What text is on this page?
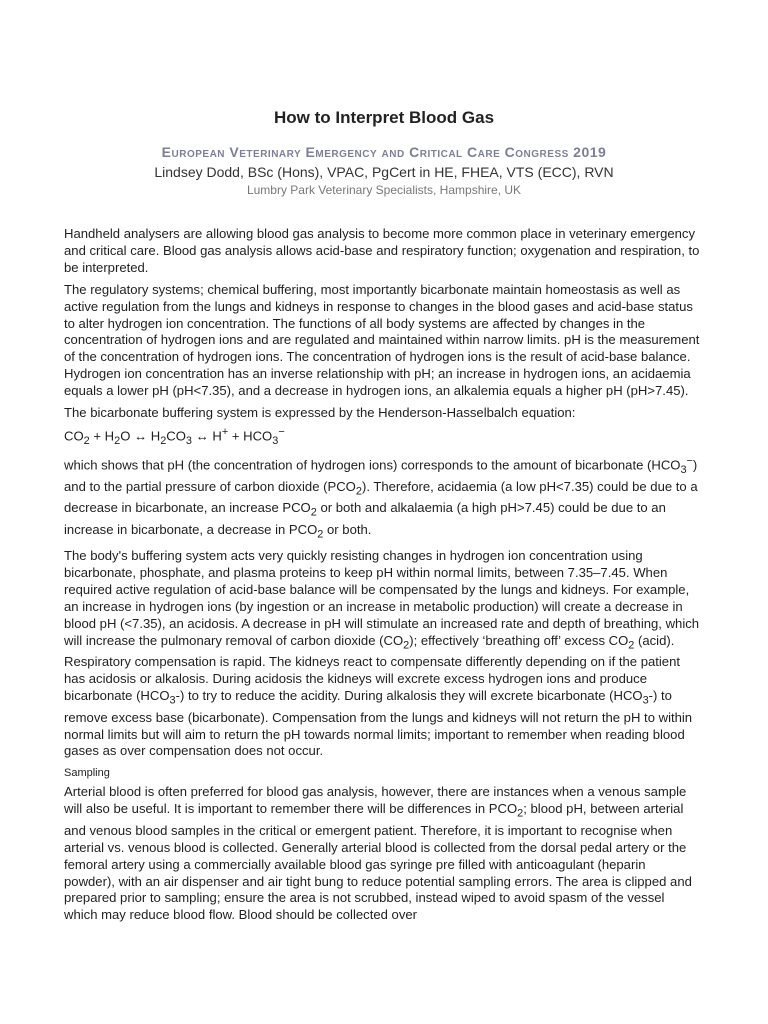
How to Interpret Blood Gas
European Veterinary Emergency and Critical Care Congress 2019
Lindsey Dodd, BSc (Hons), VPAC, PgCert in HE, FHEA, VTS (ECC), RVN
Lumbry Park Veterinary Specialists, Hampshire, UK

Handheld analysers are allowing blood gas analysis to become more common place in veterinary emergency and critical care. Blood gas analysis allows acid-base and respiratory function; oxygenation and respiration, to be interpreted.

The regulatory systems; chemical buffering, most importantly bicarbonate maintain homeostasis as well as active regulation from the lungs and kidneys in response to changes in the blood gases and acid-base status to alter hydrogen ion concentration. The functions of all body systems are affected by changes in the concentration of hydrogen ions and are regulated and maintained within narrow limits. pH is the measurement of the concentration of hydrogen ions. The concentration of hydrogen ions is the result of acid-base balance. Hydrogen ion concentration has an inverse relationship with pH; an increase in hydrogen ions, an acidaemia equals a lower pH (pH<7.35), and a decrease in hydrogen ions, an alkalemia equals a higher pH (pH>7.45).

The bicarbonate buffering system is expressed by the Henderson-Hasselbalch equation:

$CO_2 + H_2O$ ↔ $H_2CO_3$ ↔ $H^+ + HCO_3^-$

which shows that pH (the concentration of hydrogen ions) corresponds to the amount of bicarbonate $(HCO_3^-)$ and to the partial pressure of carbon dioxide $(PCO_2)$. Therefore, acidaemia (a low pH<7.35) could be due to a decrease in bicarbonate, an increase $PCO_2$ or both and alkalaemia (a high pH>7.45) could be due to an increase in bicarbonate, a decrease in $PCO_2$ or both.

The body's buffering system acts very quickly resisting changes in hydrogen ion concentration using bicarbonate, phosphate, and plasma proteins to keep pH within normal limits, between 7.35–7.45. When required active regulation of acid-base balance will be compensated by the lungs and kidneys. For example, an increase in hydrogen ions (by ingestion or an increase in metabolic production) will create a decrease in blood pH (<7.35), an acidosis. A decrease in pH will stimulate an increased rate and depth of breathing, which will increase the pulmonary removal of carbon dioxide $(CO_2)$; effectively ‘breathing off’ excess $CO_2$ (acid). Respiratory compensation is rapid. The kidneys react to compensate differently depending on if the patient has acidosis or alkalosis. During acidosis the kidneys will excrete excess hydrogen ions and produce bicarbonate $(HCO_3-)$ to try to reduce the acidity. During alkalosis they will excrete bicarbonate $(HCO_3-)$ to remove excess base (bicarbonate). Compensation from the lungs and kidneys will not return the pH to within normal limits but will aim to return the pH towards normal limits; important to remember when reading blood gases as over compensation does not occur.

Sampling

Arterial blood is often preferred for blood gas analysis, however, there are instances when a venous sample will also be useful. It is important to remember there will be differences in $PCO_2$; blood pH, between arterial and venous blood samples in the critical or emergent patient. Therefore, it is important to recognise when arterial vs. venous blood is collected. Generally arterial blood is collected from the dorsal pedal artery or the femoral artery using a commercially available blood gas syringe pre filled with anticoagulant (heparin powder), with an air dispenser and air tight bung to reduce potential sampling errors. The area is clipped and prepared prior to sampling; ensure the area is not scrubbed, instead wiped to avoid spasm of the vessel which may reduce blood flow. Blood should be collected over
